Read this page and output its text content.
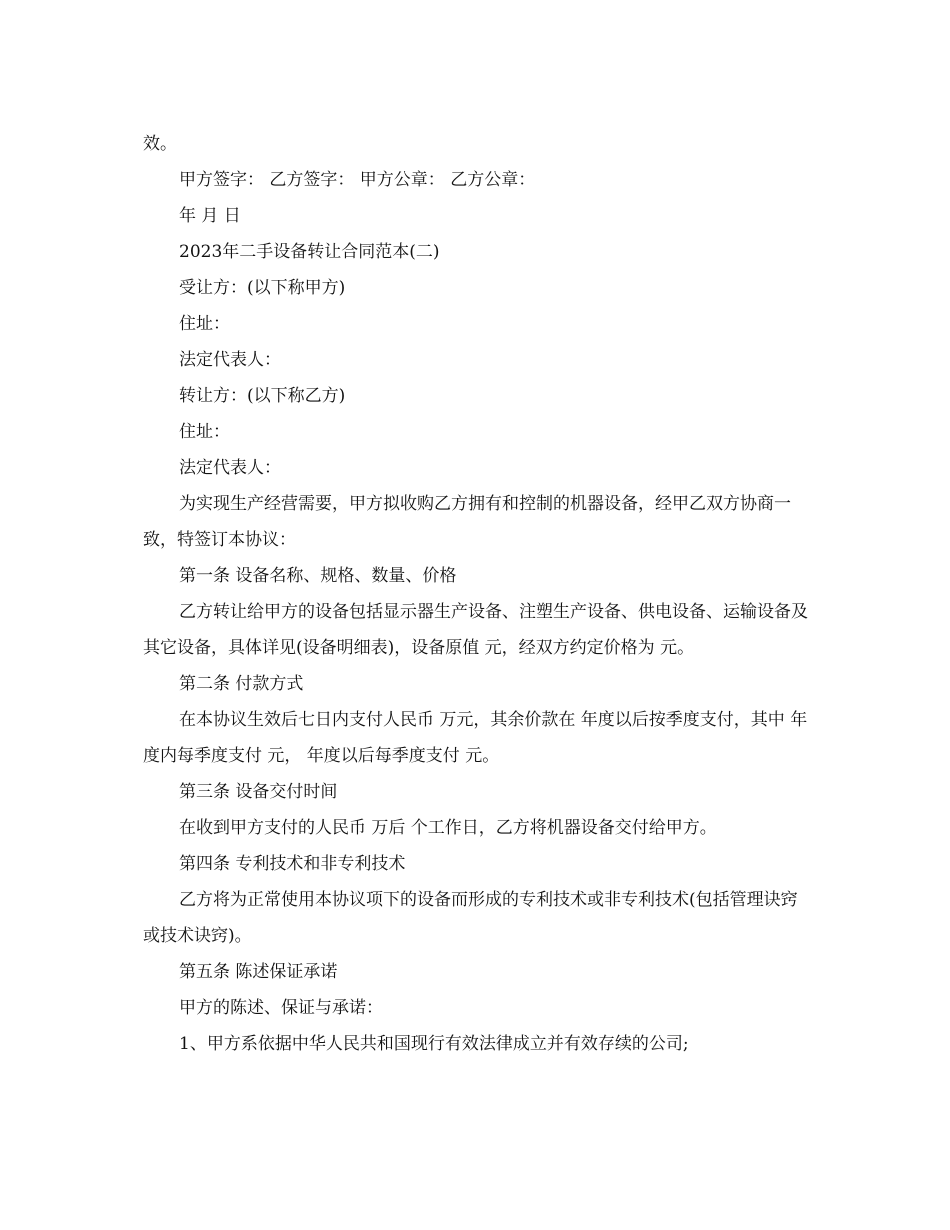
效。

甲方签字： 乙方签字： 甲方公章： 乙方公章：

年 月 日

2023年二手设备转让合同范本(二)

受让方：(以下称甲方)

住址：

法定代表人：

转让方：(以下称乙方)

住址：

法定代表人：

为实现生产经营需要，甲方拟收购乙方拥有和控制的机器设备，经甲乙双方协商一致，特签订本协议：

第一条 设备名称、规格、数量、价格

乙方转让给甲方的设备包括显示器生产设备、注塑生产设备、供电设备、运输设备及其它设备，具体详见(设备明细表)，设备原值 元，经双方约定价格为 元。

第二条 付款方式

在本协议生效后七日内支付人民币 万元，其余价款在 年度以后按季度支付，其中 年度内每季度支付 元， 年度以后每季度支付 元。

第三条 设备交付时间

在收到甲方支付的人民币 万后 个工作日，乙方将机器设备交付给甲方。

第四条 专利技术和非专利技术

乙方将为正常使用本协议项下的设备而形成的专利技术或非专利技术(包括管理诀窍或技术诀窍)。

第五条 陈述保证承诺

甲方的陈述、保证与承诺：

1、甲方系依据中华人民共和国现行有效法律成立并有效存续的公司;
